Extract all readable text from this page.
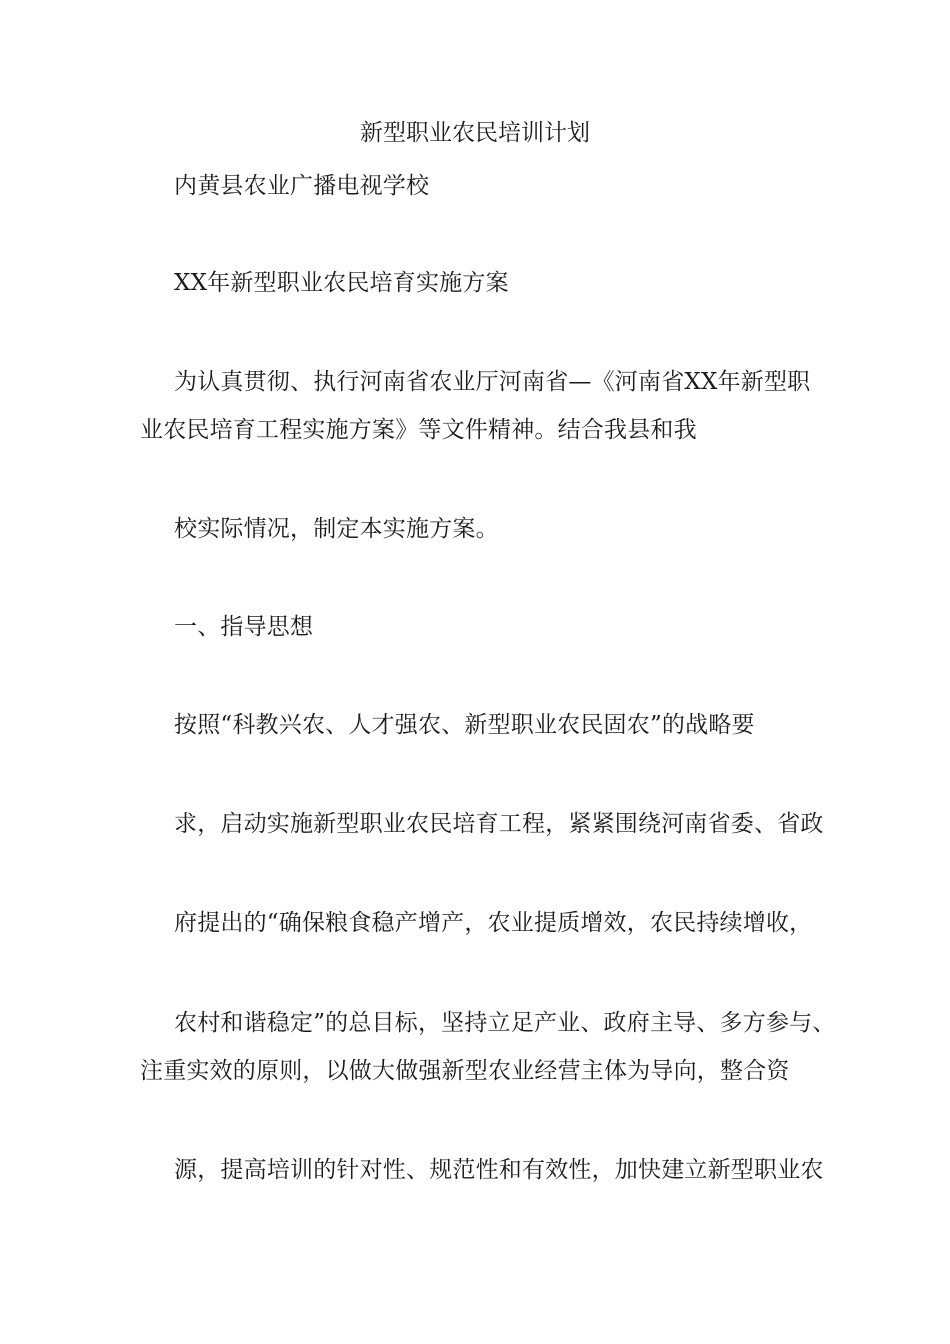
新型职业农民培训计划
内黄县农业广播电视学校
XX年新型职业农民培育实施方案
为认真贯彻、执行河南省农业厅河南省—《河南省XX年新型职
业农民培育工程实施方案》等文件精神。结合我县和我
校实际情况，制定本实施方案。
一、指导思想
按照“科教兴农、人才强农、新型职业农民固农”的战略要
求，启动实施新型职业农民培育工程，紧紧围绕河南省委、省政
府提出的“确保粮食稳产增产，农业提质增效，农民持续增收，
农村和谐稳定”的总目标，坚持立足产业、政府主导、多方参与、
注重实效的原则，以做大做强新型农业经营主体为导向，整合资
源，提高培训的针对性、规范性和有效性，加快建立新型职业农
